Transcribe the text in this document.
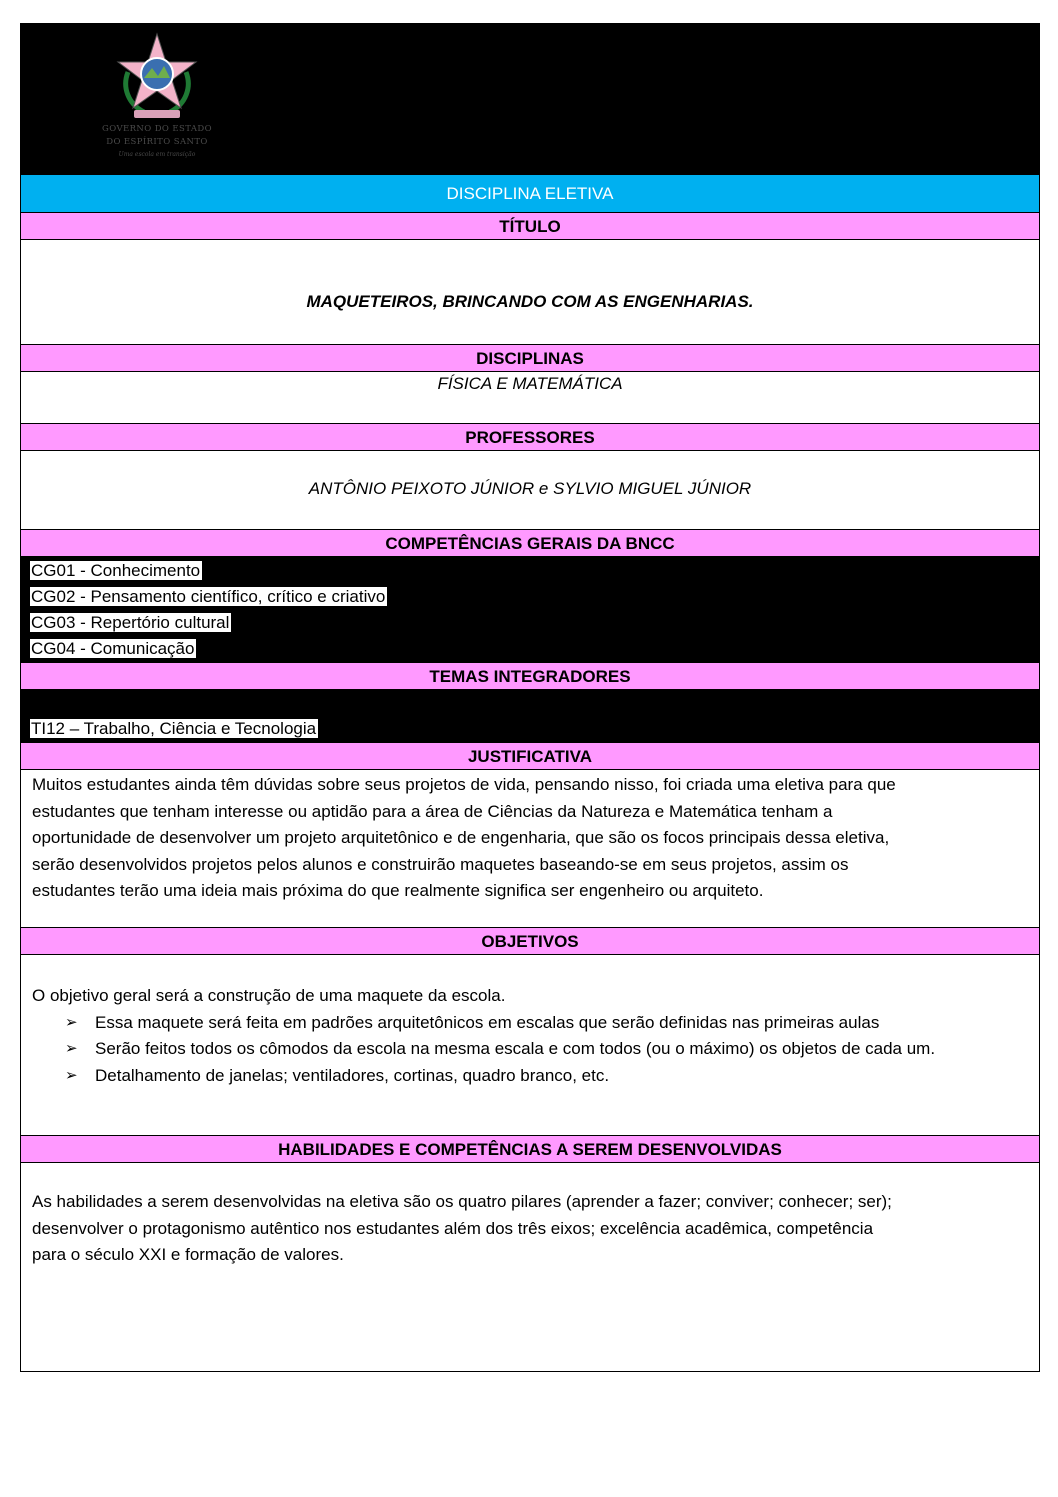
GOVERNO DO ESTADO
DO ESPÍRITO SANTO
Uma escola em transição
DISCIPLINA ELETIVA
TÍTULO
MAQUETEIROS, BRINCANDO COM AS ENGENHARIAS.
DISCIPLINAS
FÍSICA E MATEMÁTICA
PROFESSORES
ANTÔNIO PEIXOTO JÚNIOR e SYLVIO MIGUEL JÚNIOR
COMPETÊNCIAS GERAIS DA BNCC
CG01 - Conhecimento
CG02 - Pensamento científico, crítico e criativo
CG03 - Repertório cultural
CG04 - Comunicação
TEMAS INTEGRADORES
TI12 – Trabalho, Ciência e Tecnologia
JUSTIFICATIVA
Muitos estudantes ainda têm dúvidas sobre seus projetos de vida, pensando nisso, foi criada uma eletiva para que
estudantes que tenham interesse ou aptidão para a área de Ciências da Natureza e Matemática tenham a
oportunidade de desenvolver um projeto arquitetônico e de engenharia, que são os focos principais dessa eletiva,
serão desenvolvidos projetos pelos alunos e construirão maquetes baseando-se em seus projetos, assim os
estudantes terão uma ideia mais próxima do que realmente significa ser engenheiro ou arquiteto.
OBJETIVOS
O objetivo geral será a construção de uma maquete da escola.
➢ Essa maquete será feita em padrões arquitetônicos em escalas que serão definidas nas primeiras aulas
➢ Serão feitos todos os cômodos da escola na mesma escala e com todos (ou o máximo) os objetos de cada um.
➢ Detalhamento de janelas; ventiladores, cortinas, quadro branco, etc.
HABILIDADES E COMPETÊNCIAS A SEREM DESENVOLVIDAS
As habilidades a serem desenvolvidas na eletiva são os quatro pilares (aprender a fazer; conviver; conhecer; ser);
desenvolver o protagonismo autêntico nos estudantes além dos três eixos; excelência acadêmica, competência
para o século XXI e formação de valores.
